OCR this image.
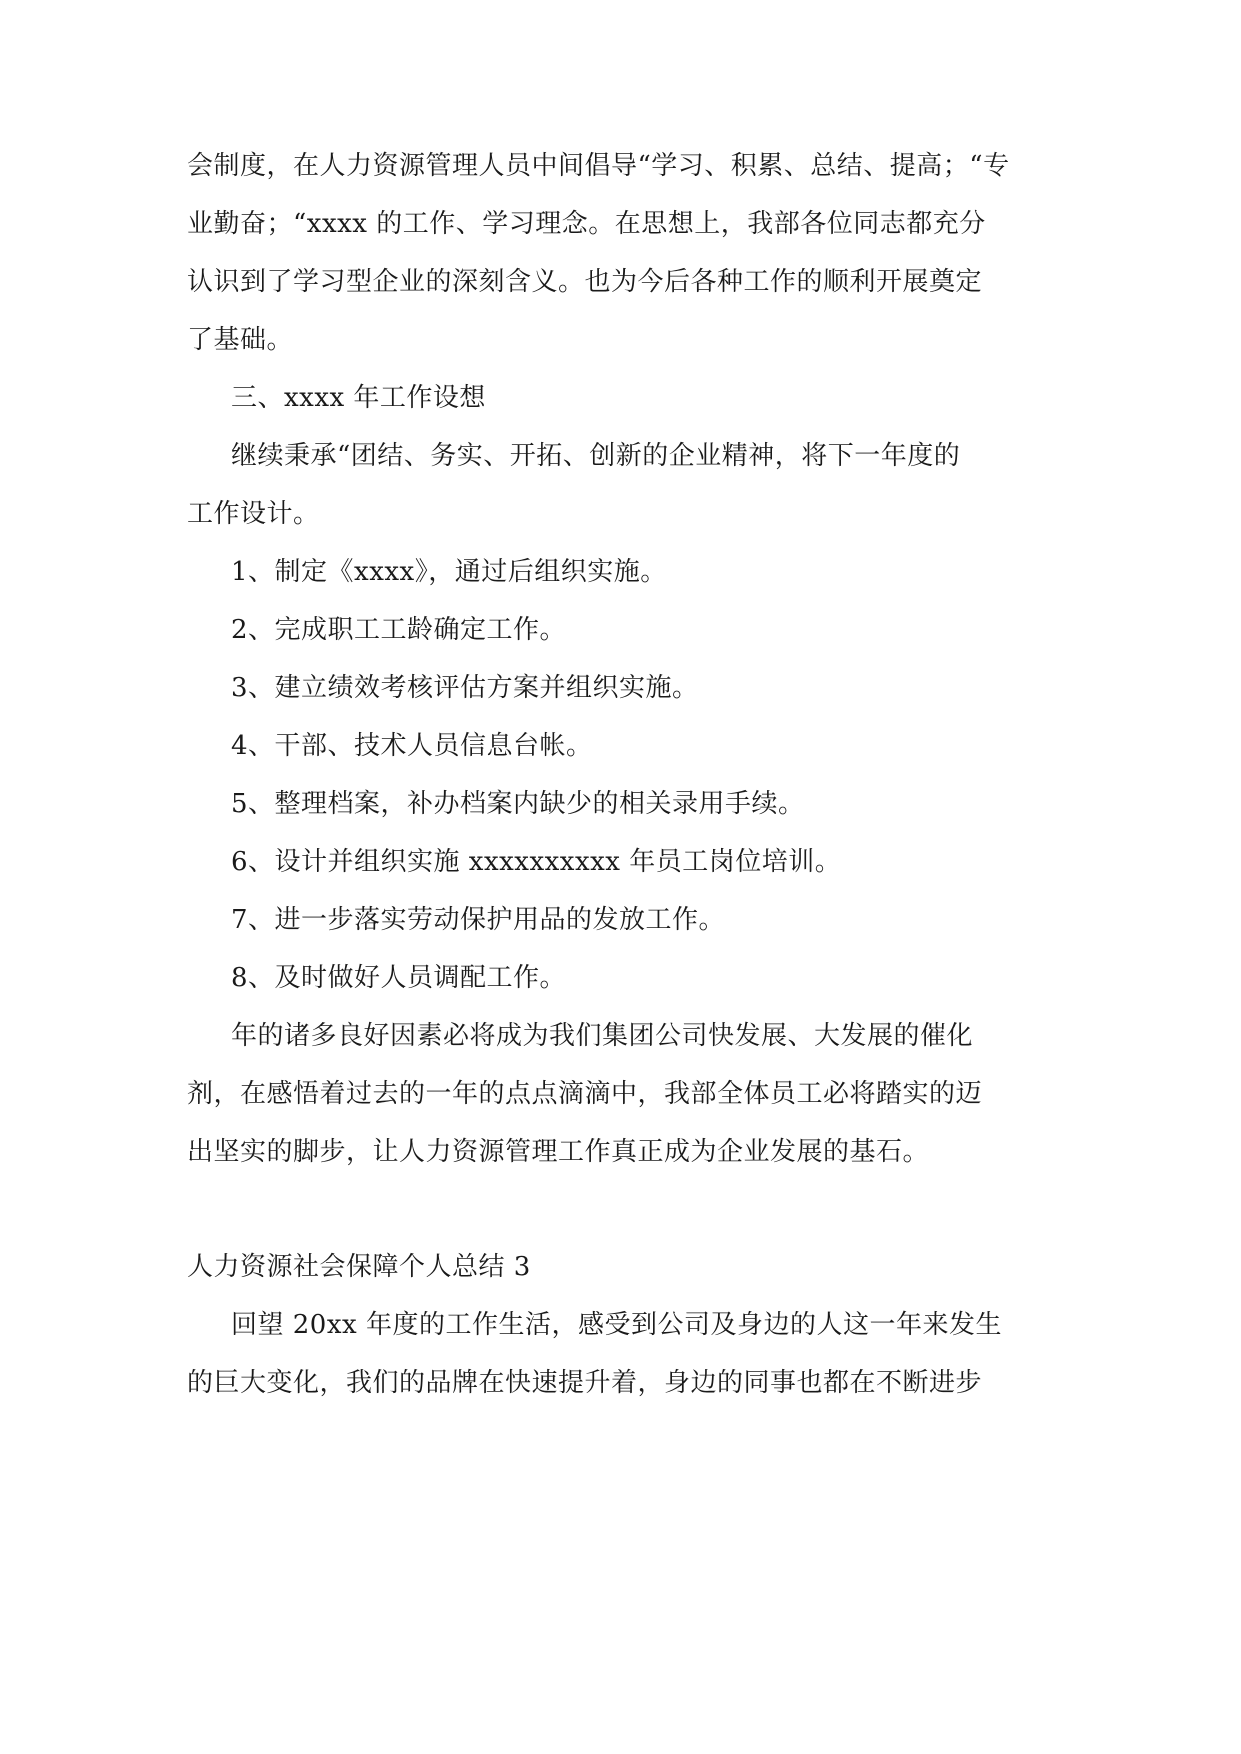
会制度，在人力资源管理人员中间倡导“学习、积累、总结、提高；“专
业勤奋；“xxxx 的工作、学习理念。在思想上，我部各位同志都充分
认识到了学习型企业的深刻含义。也为今后各种工作的顺利开展奠定
了基础。
三、xxxx 年工作设想
继续秉承“团结、务实、开拓、创新的企业精神，将下一年度的
工作设计。
1、制定《xxxx》，通过后组织实施。
2、完成职工工龄确定工作。
3、建立绩效考核评估方案并组织实施。
4、干部、技术人员信息台帐。
5、整理档案，补办档案内缺少的相关录用手续。
6、设计并组织实施 xxxxxxxxxx 年员工岗位培训。
7、进一步落实劳动保护用品的发放工作。
8、及时做好人员调配工作。
年的诸多良好因素必将成为我们集团公司快发展、大发展的催化
剂，在感悟着过去的一年的点点滴滴中，我部全体员工必将踏实的迈
出坚实的脚步，让人力资源管理工作真正成为企业发展的基石。
人力资源社会保障个人总结 3
回望 20xx 年度的工作生活，感受到公司及身边的人这一年来发生
的巨大变化，我们的品牌在快速提升着，身边的同事也都在不断进步
